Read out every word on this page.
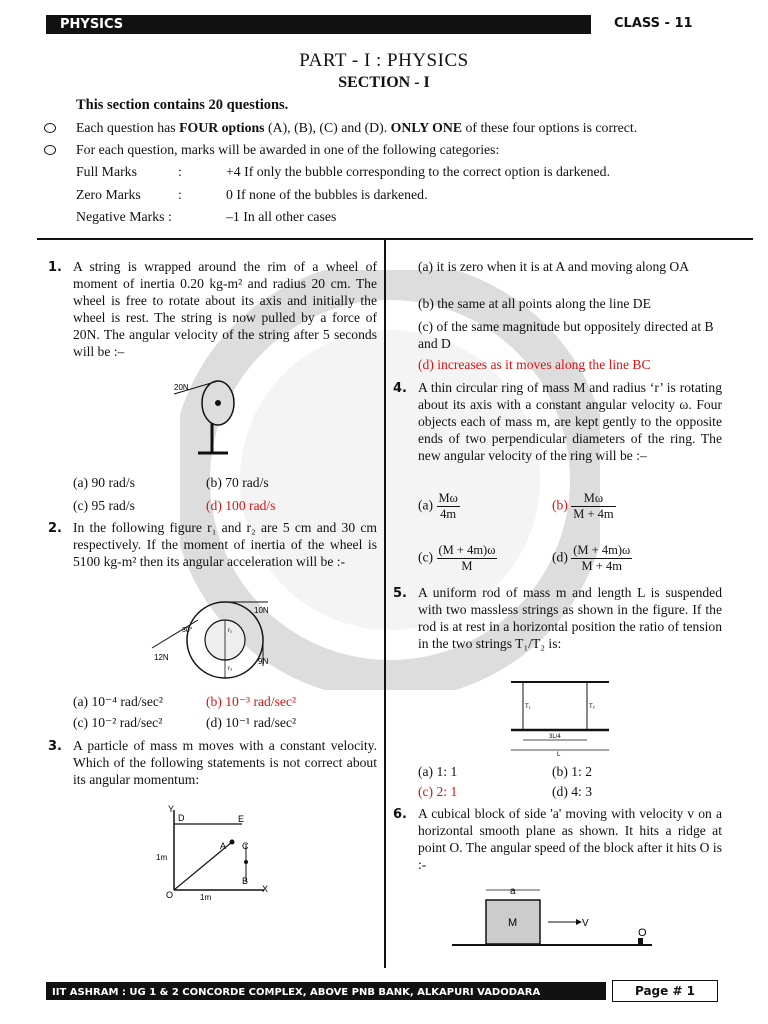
PHYSICS	CLASS - 11
PART - I : PHYSICS
SECTION - I
This section contains 20 questions.
Each question has FOUR options (A), (B), (C) and (D). ONLY ONE of these four options is correct.
For each question, marks will be awarded in one of the following categories:
Full Marks	:	+4 If only the bubble corresponding to the correct option is darkened.
Zero Marks	:	0 If none of the bubbles is darkened.
Negative Marks :	–1 In all other cases
1. A string is wrapped around the rim of a wheel of moment of inertia 0.20 kg-m² and radius 20 cm. The wheel is free to rotate about its axis and initially the wheel is rest. The string is now pulled by a force of 20N. The angular velocity of the string after 5 seconds will be :–
20N
(a) 90 rad/s	(b) 70 rad/s
(c) 95 rad/s	(d) 100 rad/s
2. In the following figure r₁ and r₂ are 5 cm and 30 cm respectively. If the moment of inertia of the wheel is 5100 kg-m² then its angular acceleration will be :-
10N
12N	9N
30°	r₁
r₂
(a) 10⁻⁴ rad/sec²	(b) 10⁻³ rad/sec²
(c) 10⁻² rad/sec²	(d) 10⁻¹ rad/sec²
3. A particle of mass m moves with a constant velocity. Which of the following statements is not correct about its angular momentum:
Y
X
O
D	E
A
B
C
1m
1m
(a) it is zero when it is at A and moving along OA
(b) the same at all points along the line DE
(c) of the same magnitude but oppositely directed at B and D
(d) increases as it moves along the line BC
4. A thin circular ring of mass M and radius ‘r’ is rotating about its axis with a constant angular velocity ω. Four objects each of mass m, are kept gently to the opposite ends of two perpendicular diameters of the ring. The new angular velocity of the ring will be :–
$(a) \frac{M\omega}{4m}$	$(b) \frac{M\omega}{M + 4m}$
$(c) \frac{(M + 4m)\omega}{M}$	$(d) \frac{(M + 4m)\omega}{M + 4m}$
5. A uniform rod of mass m and length L is suspended with two massless strings as shown in the figure. If the rod is at rest in a horizontal position the ratio of tension in the two strings T₁/T₂ is:
T₁	T₂
3L/4
L
(a) 1: 1	(b) 1: 2
(c) 2: 1	(d) 4: 3
6. A cubical block of side 'a' moving with velocity v on a horizontal smooth plane as shown. It hits a ridge at point O. The angular speed of the block after it hits O is :-
a
M	V
O
IIT ASHRAM : UG 1 & 2 CONCORDE COMPLEX, ABOVE PNB BANK, ALKAPURI VADODARA	Page # 1
